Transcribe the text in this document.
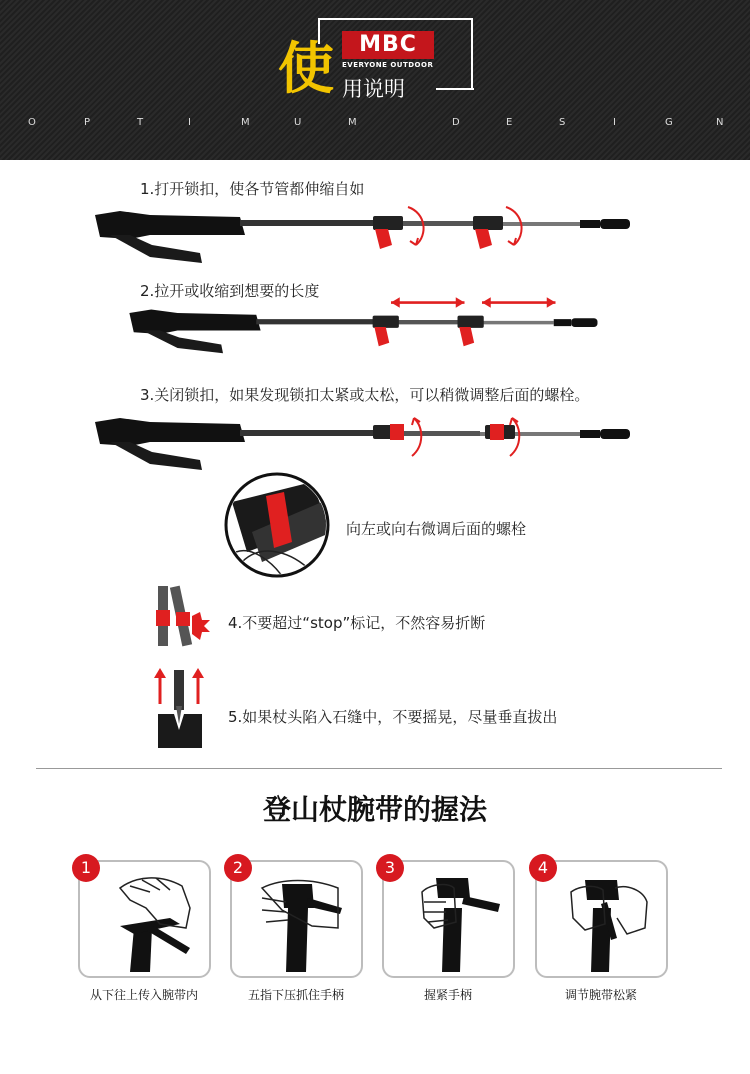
使	MBC
EVERYONE OUTDOOR
用说明
O	P	T	I	M	U	M	D	E	S	I	G	N
1.打开锁扣，使各节管都伸缩自如
2.拉开或收缩到想要的长度
3.关闭锁扣，如果发现锁扣太紧或太松，可以稍微调整后面的螺栓。
向左或向右微调后面的螺栓
4.不要超过“stop”标记，不然容易折断
5.如果杖头陷入石缝中，不要摇晃，尽量垂直拔出
登山杖腕带的握法
1
从下往上传入腕带内
2
五指下压抓住手柄
3
握紧手柄
4
调节腕带松紧
